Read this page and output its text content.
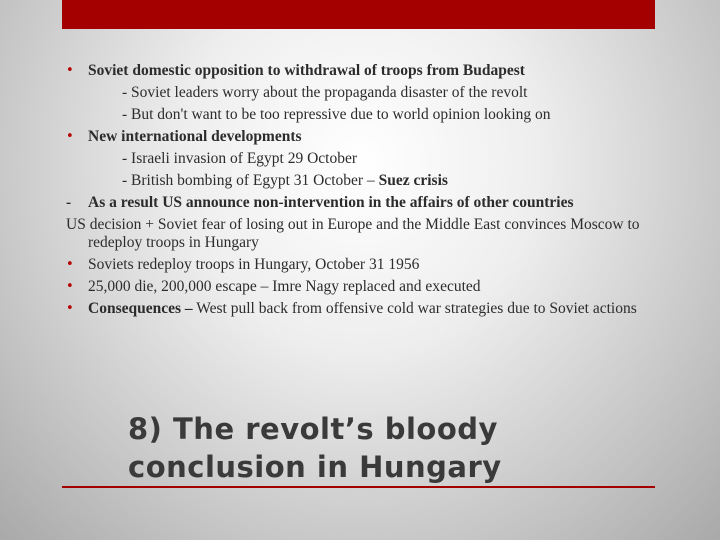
• Soviet domestic opposition to withdrawal of troops from Budapest
- Soviet leaders worry about the propaganda disaster of the revolt
- But don't want to be too repressive due to world opinion looking on
• New international developments
- Israeli invasion of Egypt 29 October
- British bombing of Egypt 31 October – Suez crisis
- As a result US announce non-intervention in the affairs of other countries
US decision + Soviet fear of losing out in Europe and the Middle East convinces Moscow to redeploy troops in Hungary
• Soviets redeploy troops in Hungary, October 31 1956
• 25,000 die, 200,000 escape – Imre Nagy replaced and executed
• Consequences – West pull back from offensive cold war strategies due to Soviet actions
8) The revolt’s bloody
conclusion in Hungary
